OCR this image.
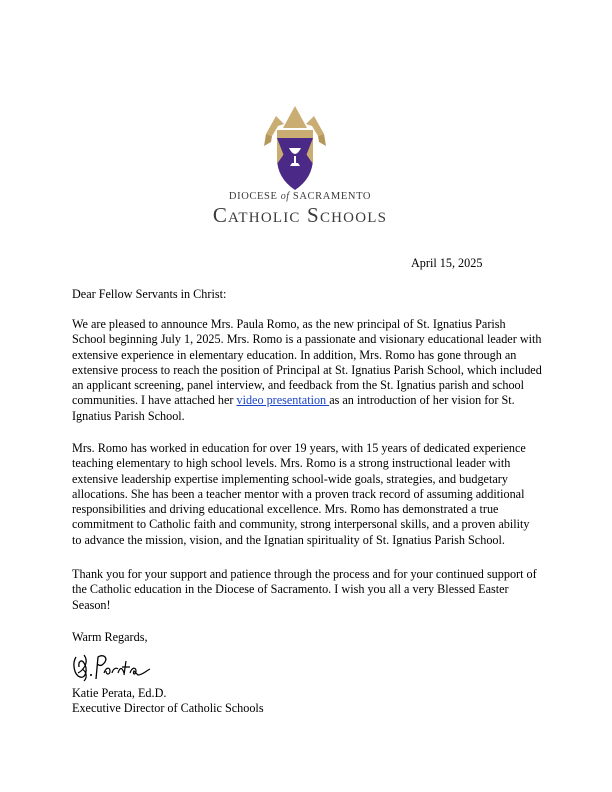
DIOCESE of SACRAMENTO
Catholic Schools
April 15, 2025

Dear Fellow Servants in Christ:

We are pleased to announce Mrs. Paula Romo, as the new principal of St. Ignatius Parish School beginning July 1, 2025. Mrs. Romo is a passionate and visionary educational leader with extensive experience in elementary education. In addition, Mrs. Romo has gone through an extensive process to reach the position of Principal at St. Ignatius Parish School, which included an applicant screening, panel interview, and feedback from the St. Ignatius parish and school communities. I have attached her video presentation as an introduction of her vision for St. Ignatius Parish School.

Mrs. Romo has worked in education for over 19 years, with 15 years of dedicated experience teaching elementary to high school levels. Mrs. Romo is a strong instructional leader with extensive leadership expertise implementing school-wide goals, strategies, and budgetary allocations. She has been a teacher mentor with a proven track record of assuming additional responsibilities and driving educational excellence. Mrs. Romo has demonstrated a true commitment to Catholic faith and community, strong interpersonal skills, and a proven ability to advance the mission, vision, and the Ignatian spirituality of St. Ignatius Parish School.

Thank you for your support and patience through the process and for your continued support of the Catholic education in the Diocese of Sacramento. I wish you all a very Blessed Easter Season!

Warm Regards,

Katie Perata, Ed.D.

Executive Director of Catholic Schools
